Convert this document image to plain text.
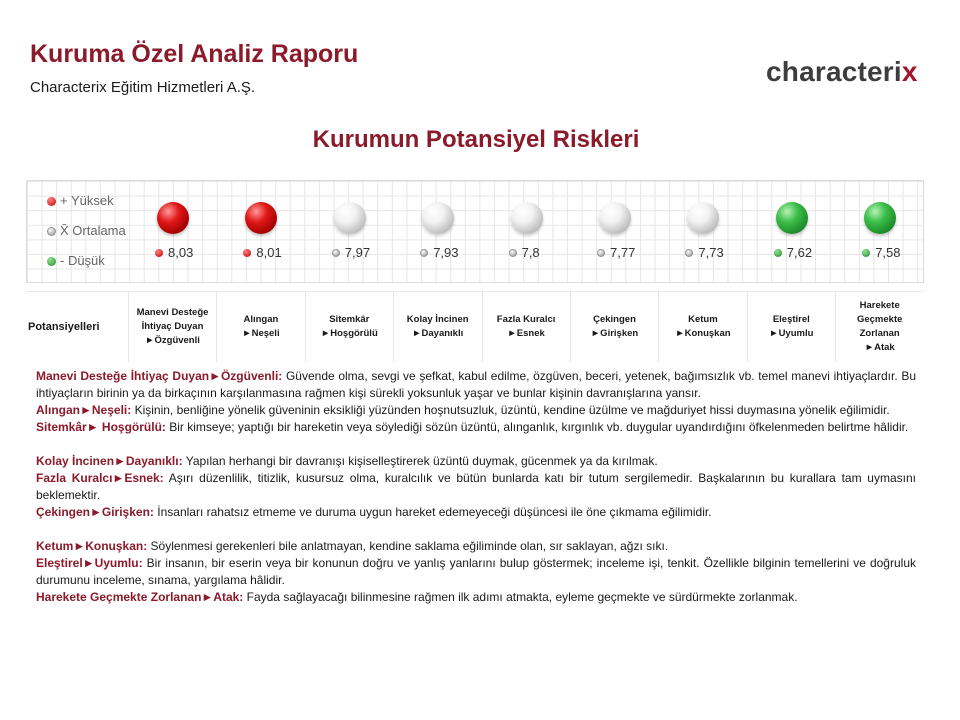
Kuruma Özel Analiz Raporu
Characterix Eğitim Hizmetleri A.Ş.
characterix
Kurumun Potansiyel Riskleri
+ Yüksek
X̄ Ortalama
- Düşük
8,03	8,01	7,97	7,93	7,8	7,77	7,73	7,62	7,58
Potansiyelleri
Manevi Desteğe
İhtiyaç Duyan
►Özgüvenli
Alıngan
►Neşeli
Sitemkâr
►Hoşgörülü
Kolay İncinen
►Dayanıklı
Fazla Kuralcı
►Esnek
Çekingen
►Girişken
Ketum
►Konuşkan
Eleştirel
►Uyumlu
Harekete
Geçmekte Zorlanan
►Atak

Manevi Desteğe İhtiyaç Duyan►Özgüvenli: Güvende olma, sevgi ve şefkat, kabul edilme, özgüven, beceri, yetenek, bağımsızlık vb. temel manevi ihtiyaçlardır. Bu ihtiyaçların birinin ya da birkaçının karşılanmasına rağmen kişi sürekli yoksunluk yaşar ve bunlar kişinin davranışlarına yansır.

Alıngan►Neşeli: Kişinin, benliğine yönelik güveninin eksikliği yüzünden hoşnutsuzluk, üzüntü, kendine üzülme ve mağduriyet hissi duymasına yönelik eğilimidir.

Sitemkâr► Hoşgörülü: Bir kimseye; yaptığı bir hareketin veya söylediği sözün üzüntü, alınganlık, kırgınlık vb. duygular uyandırdığını öfkelenmeden belirtme hâlidir.

Kolay İncinen►Dayanıklı: Yapılan herhangi bir davranışı kişiselleştirerek üzüntü duymak, gücenmek ya da kırılmak.

Fazla Kuralcı►Esnek: Aşırı düzenlilik, titizlik, kusursuz olma, kuralcılık ve bütün bunlarda katı bir tutum sergilemedir. Başkalarının bu kurallara tam uymasını beklemektir.

Çekingen►Girişken: İnsanları rahatsız etmeme ve duruma uygun hareket edemeyeceği düşüncesi ile öne çıkmama eğilimidir.

Ketum►Konuşkan: Söylenmesi gerekenleri bile anlatmayan, kendine saklama eğiliminde olan, sır saklayan, ağzı sıkı.

Eleştirel►Uyumlu: Bir insanın, bir eserin veya bir konunun doğru ve yanlış yanlarını bulup göstermek; inceleme işi, tenkit. Özellikle bilginin temellerini ve doğruluk durumunu inceleme, sınama, yargılama hâlidir.

Harekete Geçmekte Zorlanan►Atak: Fayda sağlayacağı bilinmesine rağmen ilk adımı atmakta, eyleme geçmekte ve sürdürmekte zorlanmak.
